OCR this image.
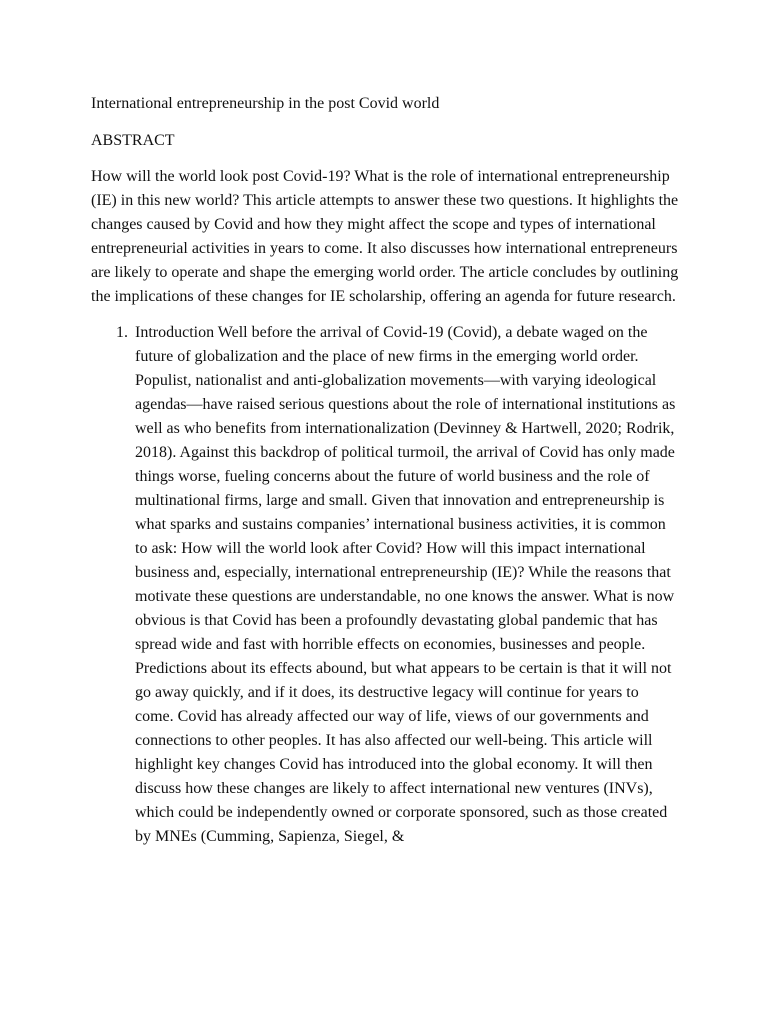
International entrepreneurship in the post Covid world
ABSTRACT

How will the world look post Covid-19? What is the role of international entrepreneurship (IE) in this new world? This article attempts to answer these two questions. It highlights the changes caused by Covid and how they might affect the scope and types of international entrepreneurial activities in years to come. It also discusses how international entrepreneurs are likely to operate and shape the emerging world order. The article concludes by outlining the implications of these changes for IE scholarship, offering an agenda for future research.

1. Introduction Well before the arrival of Covid-19 (Covid), a debate waged on the future of globalization and the place of new firms in the emerging world order. Populist, nationalist and anti-globalization movements—with varying ideological agendas—have raised serious questions about the role of international institutions as well as who benefits from internationalization (Devinney & Hartwell, 2020; Rodrik, 2018). Against this backdrop of political turmoil, the arrival of Covid has only made things worse, fueling concerns about the future of world business and the role of multinational firms, large and small. Given that innovation and entrepreneurship is what sparks and sustains companies’ international business activities, it is common to ask: How will the world look after Covid? How will this impact international business and, especially, international entrepreneurship (IE)? While the reasons that motivate these questions are understandable, no one knows the answer. What is now obvious is that Covid has been a profoundly devastating global pandemic that has spread wide and fast with horrible effects on economies, businesses and people. Predictions about its effects abound, but what appears to be certain is that it will not go away quickly, and if it does, its destructive legacy will continue for years to come. Covid has already affected our way of life, views of our governments and connections to other peoples. It has also affected our well-being. This article will highlight key changes Covid has introduced into the global economy. It will then discuss how these changes are likely to affect international new ventures (INVs), which could be independently owned or corporate sponsored, such as those created by MNEs (Cumming, Sapienza, Siegel, &
